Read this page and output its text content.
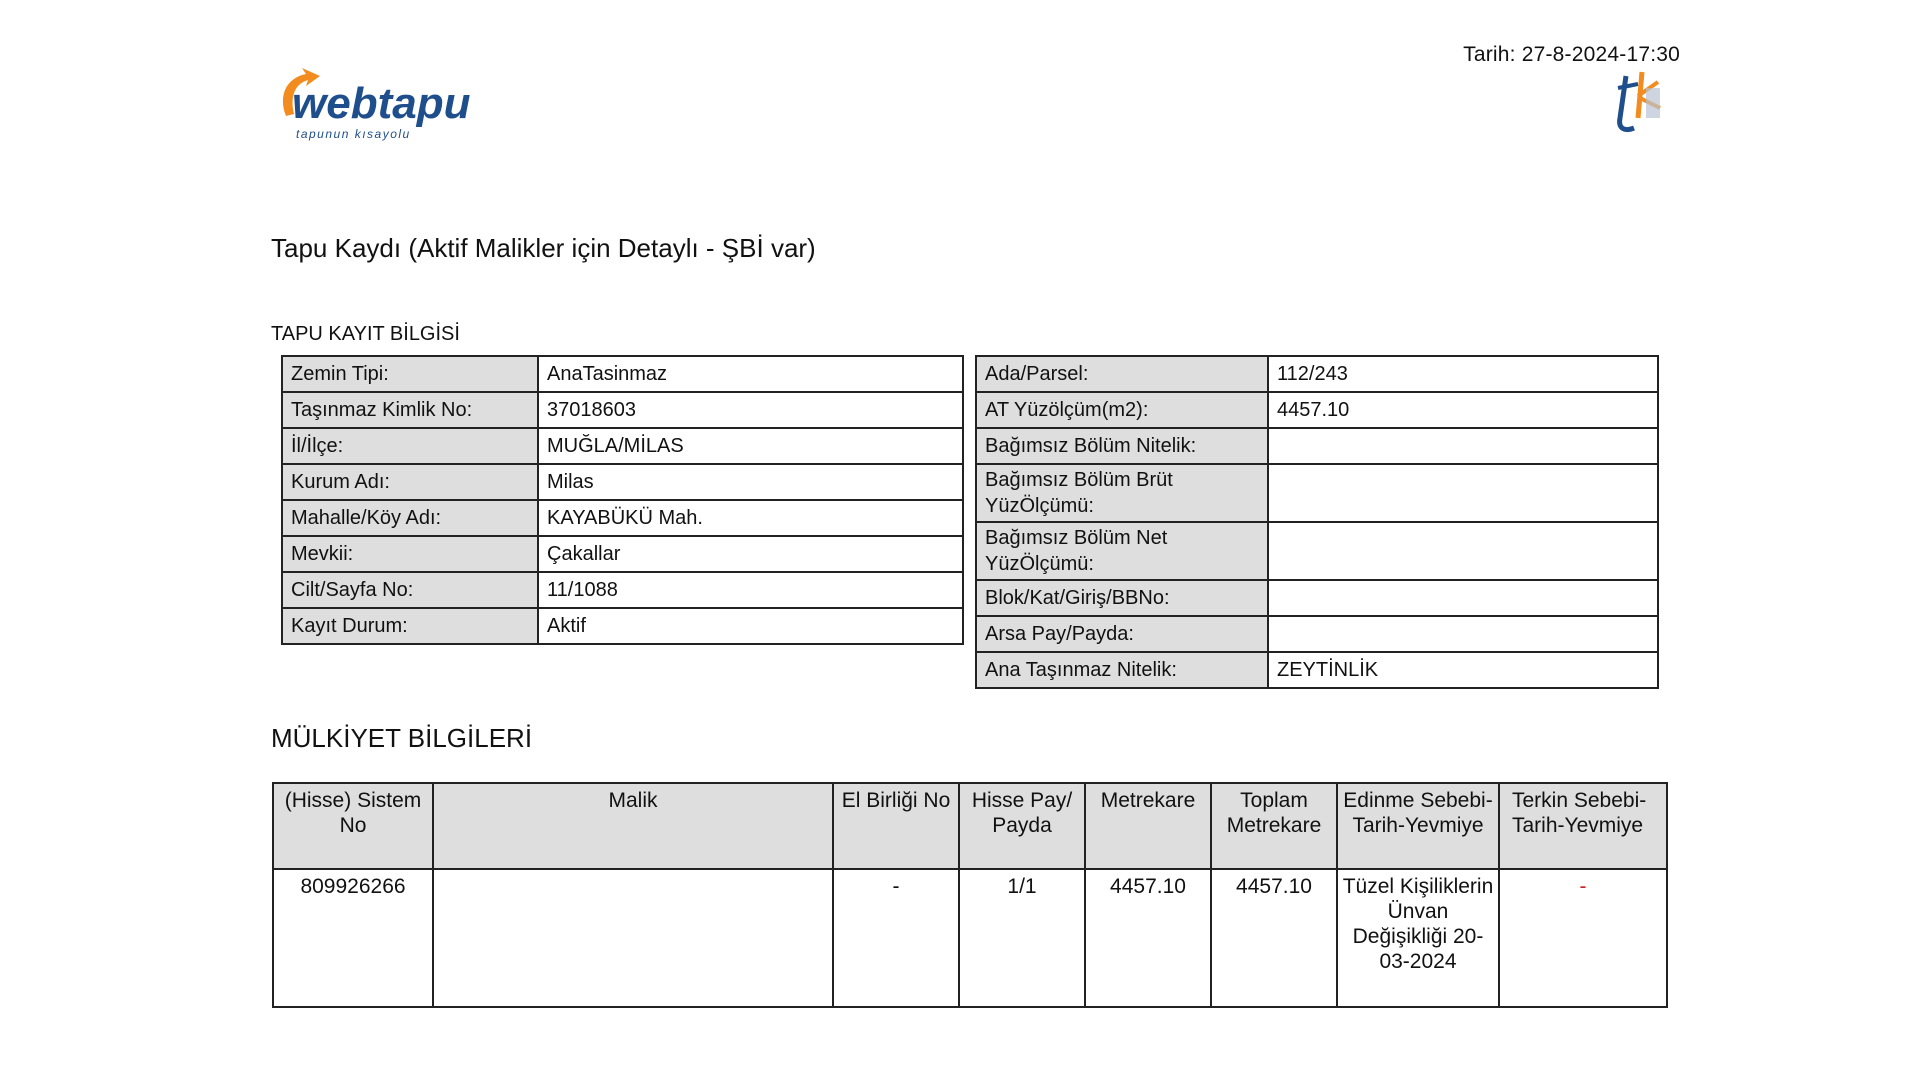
webtapu
tapunun kısayolu
Tarih: 27-8-2024-17:30
Tapu Kaydı (Aktif Malikler için Detaylı - ŞBİ var)
TAPU KAYIT BİLGİSİ
Zemin Tipi:	AnaTasinmaz
Taşınmaz Kimlik No:	37018603
İl/İlçe:	MUĞLA/MİLAS
Kurum Adı:	Milas
Mahalle/Köy Adı:	KAYABÜKÜ Mah.
Mevkii:	Çakallar
Cilt/Sayfa No:	11/1088
Kayıt Durum:	Aktif
Ada/Parsel:	112/243
AT Yüzölçüm(m2):	4457.10
Bağımsız Bölüm Nitelik:	
Bağımsız Bölüm Brüt YüzÖlçümü:	
Bağımsız Bölüm Net YüzÖlçümü:	
Blok/Kat/Giriş/BBNo:	
Arsa Pay/Payda:	
Ana Taşınmaz Nitelik:	ZEYTİNLİK
MÜLKİYET BİLGİLERİ
(Hisse) Sistem No	Malik	El Birliği No	Hisse Pay/ Payda	Metrekare	Toplam Metrekare	Edinme Sebebi-Tarih-Yevmiye	Terkin Sebebi- Tarih-Yevmiye
809926266		-	1/1	4457.10	4457.10	Tüzel Kişiliklerin Ünvan Değişikliği 20-03-2024	-
